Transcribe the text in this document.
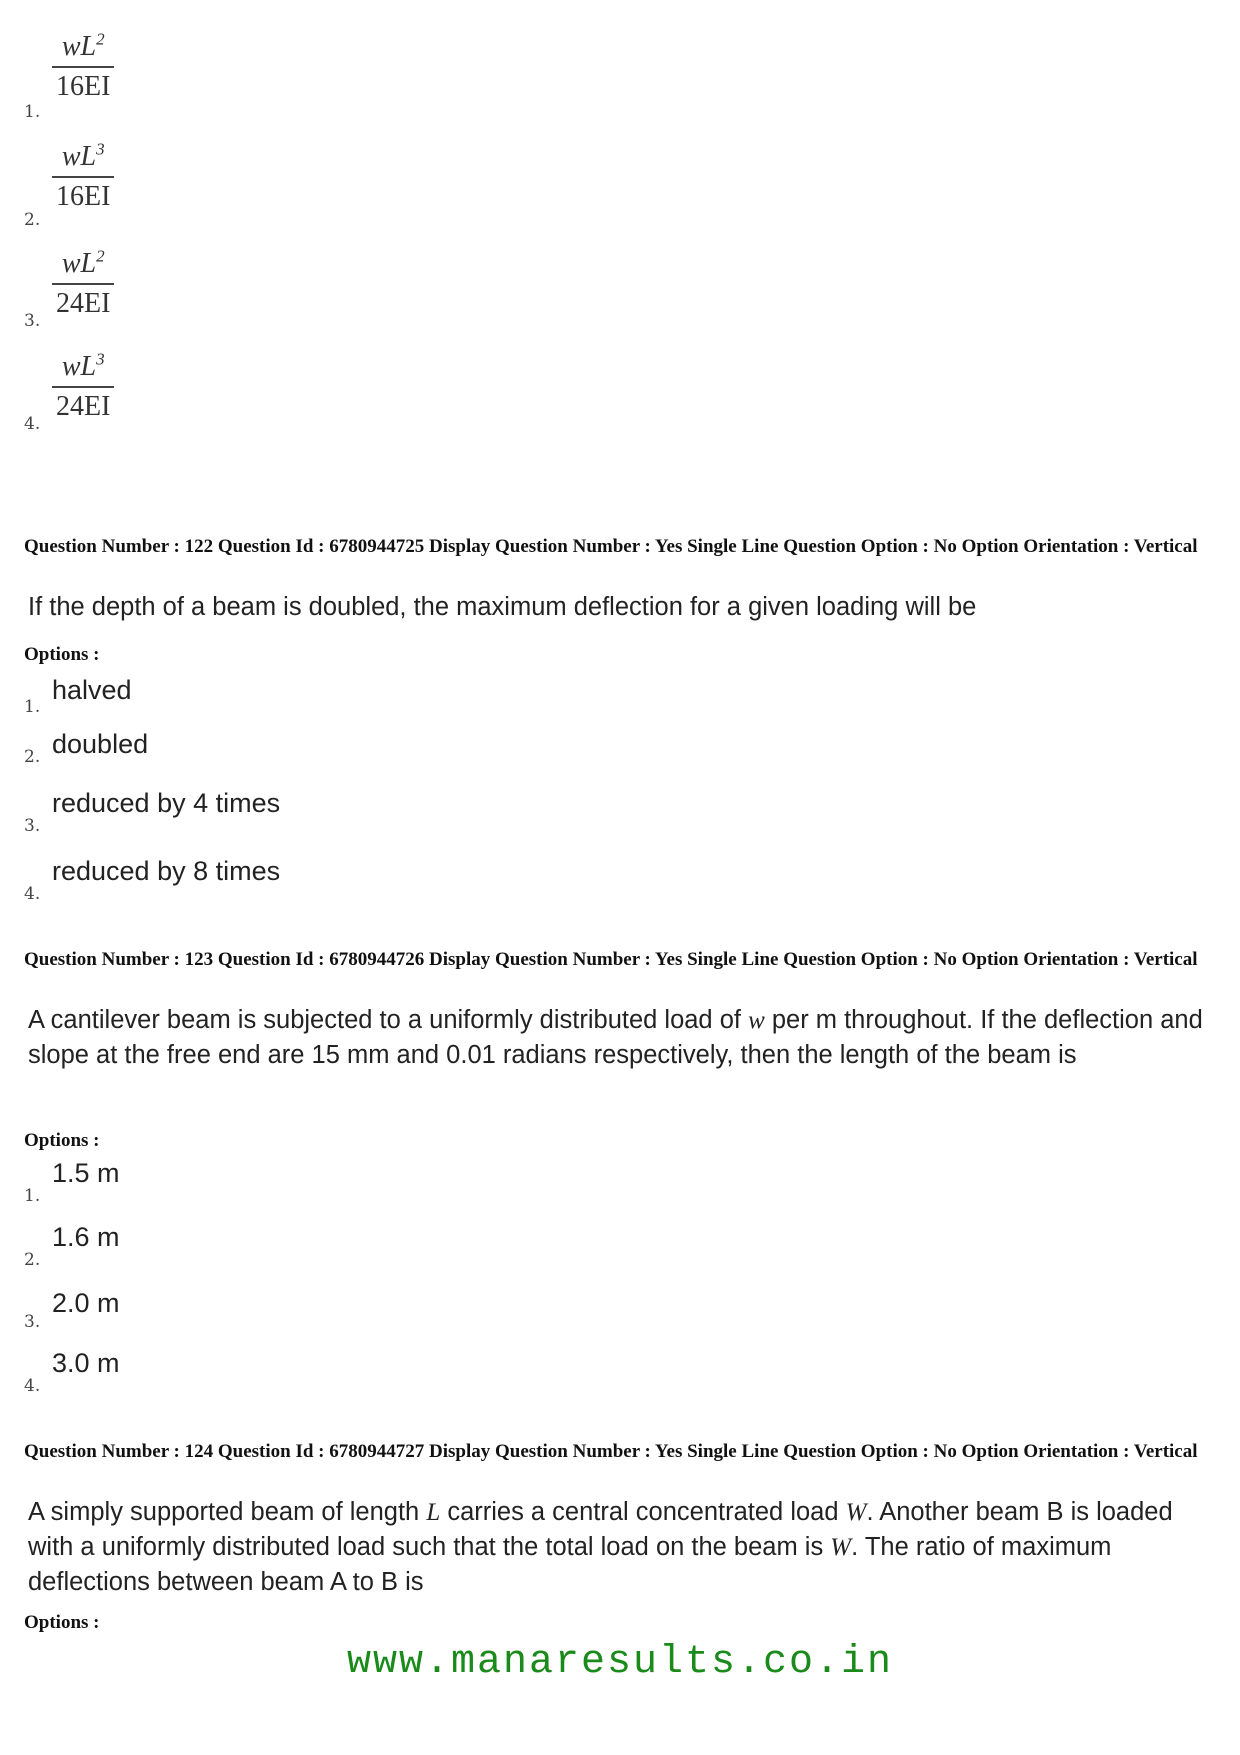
$wL^2$
16EI
1.
$wL^3$
16EI
2.
$wL^2$
24EI
3.
$wL^3$
24EI
4.
Question Number : 122 Question Id : 6780944725 Display Question Number : Yes Single Line Question Option : No Option Orientation : Vertical
If the depth of a beam is doubled, the maximum deflection for a given loading will be
Options :
halved
1.
doubled
2.
reduced by 4 times
3.
reduced by 8 times
4.
Question Number : 123 Question Id : 6780944726 Display Question Number : Yes Single Line Question Option : No Option Orientation : Vertical
A cantilever beam is subjected to a uniformly distributed load of w per m throughout. If the deflection and slope at the free end are 15 mm and 0.01 radians respectively, then the length of the beam is
Options :
1.5 m
1.
1.6 m
2.
2.0 m
3.
3.0 m
4.
Question Number : 124 Question Id : 6780944727 Display Question Number : Yes Single Line Question Option : No Option Orientation : Vertical
A simply supported beam of length L carries a central concentrated load W. Another beam B is loaded with a uniformly distributed load such that the total load on the beam is W. The ratio of maximum deflections between beam A to B is
Options :
www.manaresults.co.in
